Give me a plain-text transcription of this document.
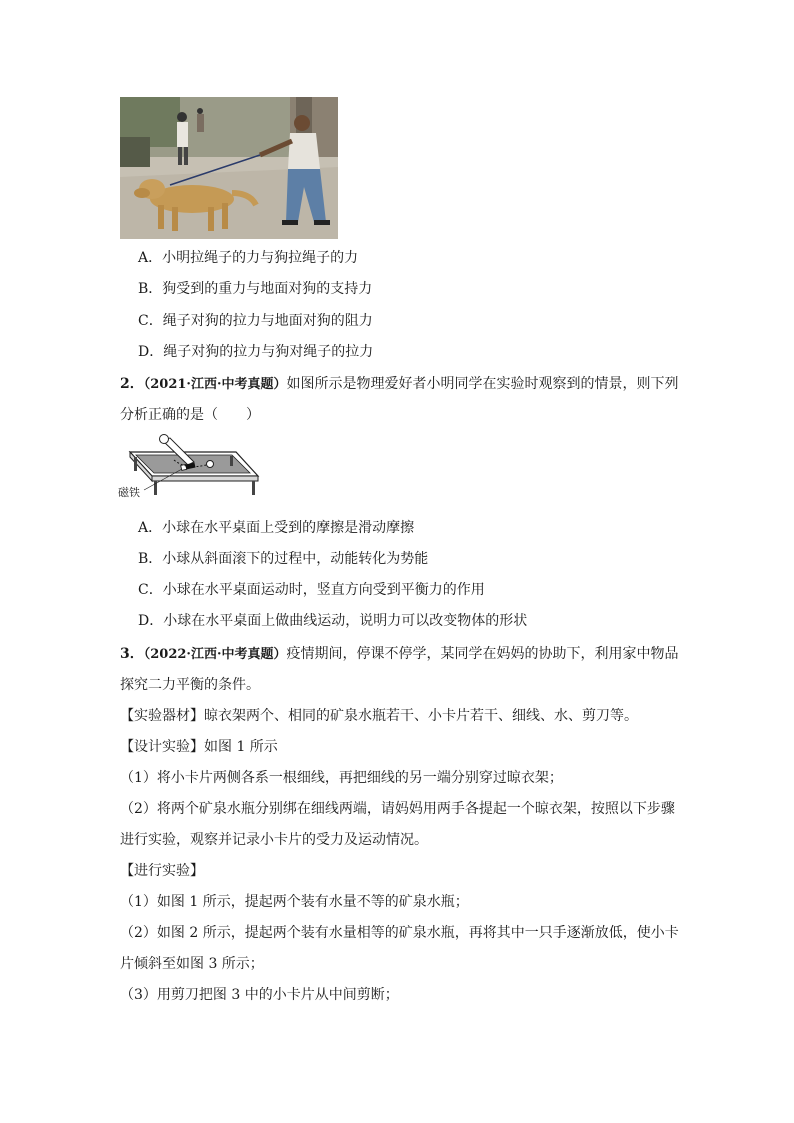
A．小明拉绳子的力与狗拉绳子的力
B．狗受到的重力与地面对狗的支持力
C．绳子对狗的拉力与地面对狗的阻力
D．绳子对狗的拉力与狗对绳子的拉力
2．（2021·江西·中考真题）如图所示是物理爱好者小明同学在实验时观察到的情景，则下列
分析正确的是（　　）
磁铁
A．小球在水平桌面上受到的摩擦是滑动摩擦
B．小球从斜面滚下的过程中，动能转化为势能
C．小球在水平桌面运动时，竖直方向受到平衡力的作用
D．小球在水平桌面上做曲线运动，说明力可以改变物体的形状
3．（2022·江西·中考真题）疫情期间，停课不停学，某同学在妈妈的协助下，利用家中物品
探究二力平衡的条件。
【实验器材】晾衣架两个、相同的矿泉水瓶若干、小卡片若干、细线、水、剪刀等。
【设计实验】如图 1 所示
（1）将小卡片两侧各系一根细线，再把细线的另一端分别穿过晾衣架；
（2）将两个矿泉水瓶分别绑在细线两端，请妈妈用两手各提起一个晾衣架，按照以下步骤
进行实验，观察并记录小卡片的受力及运动情况。
【进行实验】
（1）如图 1 所示，提起两个装有水量不等的矿泉水瓶；
（2）如图 2 所示，提起两个装有水量相等的矿泉水瓶，再将其中一只手逐渐放低，使小卡
片倾斜至如图 3 所示；
（3）用剪刀把图 3 中的小卡片从中间剪断；
